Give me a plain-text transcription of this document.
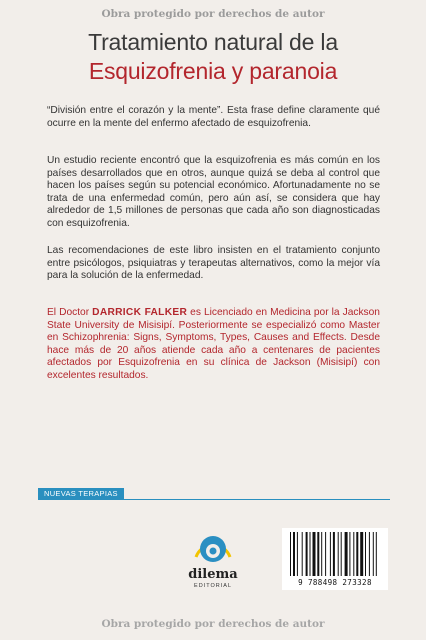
Obra protegido por derechos de autor
Tratamiento natural de la
Esquizofrenia y paranoia

“División entre el corazón y la mente”. Esta frase define claramente qué ocurre en la mente del enfermo afectado de esquizofrenia.

Un estudio reciente encontró que la esquizofrenia es más común en los países desarrollados que en otros, aunque quizá se deba al control que hacen los países según su potencial económico. Afortunadamente no se trata de una enfermedad común, pero aún así, se considera que hay alrededor de 1,5 millones de personas que cada año son diagnosticadas con esquizofrenia.

Las recomendaciones de este libro insisten en el tratamiento conjunto entre psicólogos, psiquiatras y terapeutas alternativos, como la mejor vía para la solución de la enfermedad.

El Doctor DARRICK FALKER es Licenciado en Medicina por la Jackson State University de Misisipí. Posteriormente se especializó como Master en Schizophrenia: Signs, Symptoms, Types, Causes and Effects. Desde hace más de 20 años atiende cada año a centenares de pacientes afectados por Esquizofrenia en su clínica de Jackson (Misisipí) con excelentes resultados.

NUEVAS TERAPIAS
dilema
EDITORIAL	9 788498 273328
Obra protegido por derechos de autor
